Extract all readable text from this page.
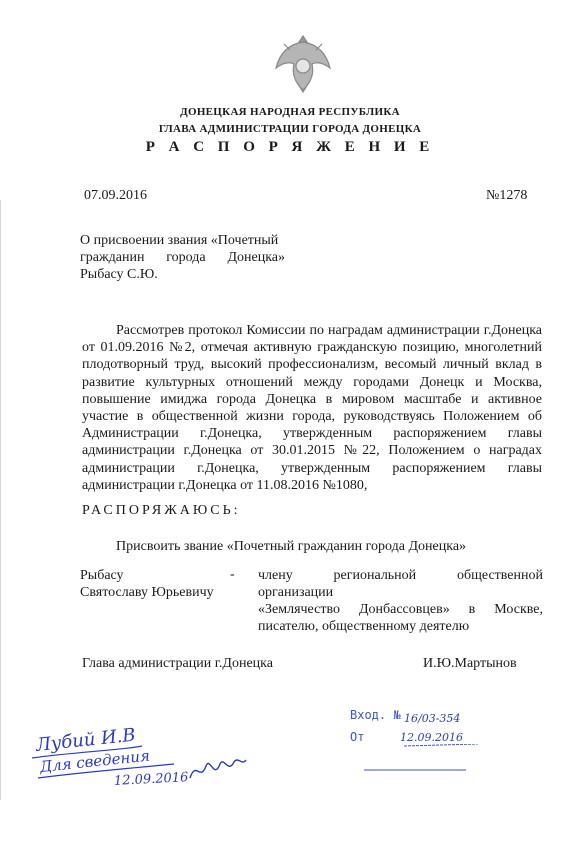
ДОНЕЦКАЯ НАРОДНАЯ РЕСПУБЛИКА
ГЛАВА АДМИНИСТРАЦИИ ГОРОДА ДОНЕЦКА
Р А С П О Р Я Ж Е Н И Е
07.09.2016	№1278
О присвоении звания «Почетный
гражданин города Донецка»
Рыбасу С.Ю.
Рассмотрев протокол Комиссии по наградам администрации г.Донецка от 01.09.2016 №2, отмечая активную гражданскую позицию, многолетний плодотворный труд, высокий профессионализм, весомый личный вклад в развитие культурных отношений между городами Донецк и Москва, повышение имиджа города Донецка в мировом масштабе и активное участие в общественной жизни города, руководствуясь Положением об Администрации г.Донецка, утвержденным распоряжением главы администрации г.Донецка от 30.01.2015 №22, Положением о наградах администрации г.Донецка, утвержденным распоряжением главы администрации г.Донецка от 11.08.2016 №1080,
РАСПОРЯЖАЮСЬ:
Присвоить звание «Почетный гражданин города Донецка»
Рыбасу
Святославу Юрьевичу
- члену региональной общественной организации
«Землячество Донбассовцев» в Москве,
писателю, общественному деятелю
Глава администрации г.Донецка	И.Ю.Мартынов
Вход. №
От
16/03-354
12.09.2016
Лубий И.В
Для сведения
12.09.2016
